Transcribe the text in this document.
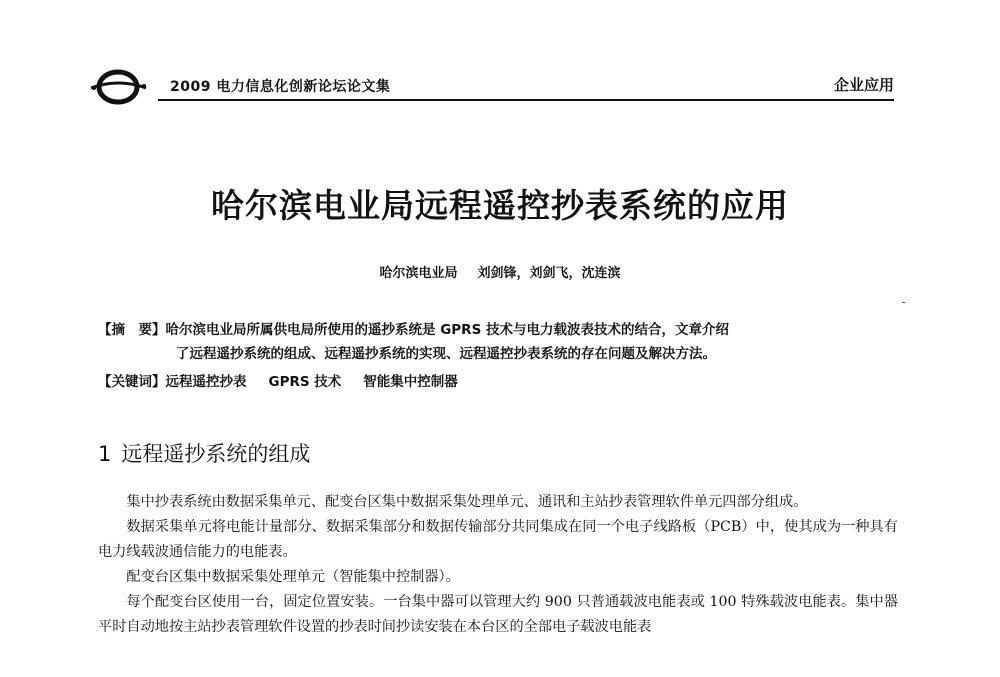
2009 电力信息化创新论坛论文集	企业应用
哈尔滨电业局远程遥控抄表系统的应用
哈尔滨电业局 刘剑锋，刘剑飞，沈连滨
【摘　要】哈尔滨电业局所属供电局所使用的遥抄系统是 GPRS 技术与电力载波表技术的结合，文章介绍
了远程遥抄系统的组成、远程遥抄系统的实现、远程遥控抄表系统的存在问题及解决方法。
【关键词】远程遥控抄表 GPRS 技术 智能集中控制器
1 远程遥抄系统的组成

集中抄表系统由数据采集单元、配变台区集中数据采集处理单元、通讯和主站抄表管理软件单元四部分组成。

数据采集单元将电能计量部分、数据采集部分和数据传输部分共同集成在同一个电子线路板（PCB）中，使其成为一种具有电力线载波通信能力的电能表。

配变台区集中数据采集处理单元（智能集中控制器）。

每个配变台区使用一台，固定位置安装。一台集中器可以管理大约 900 只普通载波电能表或 100 特殊载波电能表。集中器平时自动地按主站抄表管理软件设置的抄表时间抄读安装在本台区的全部电子载波电能表
